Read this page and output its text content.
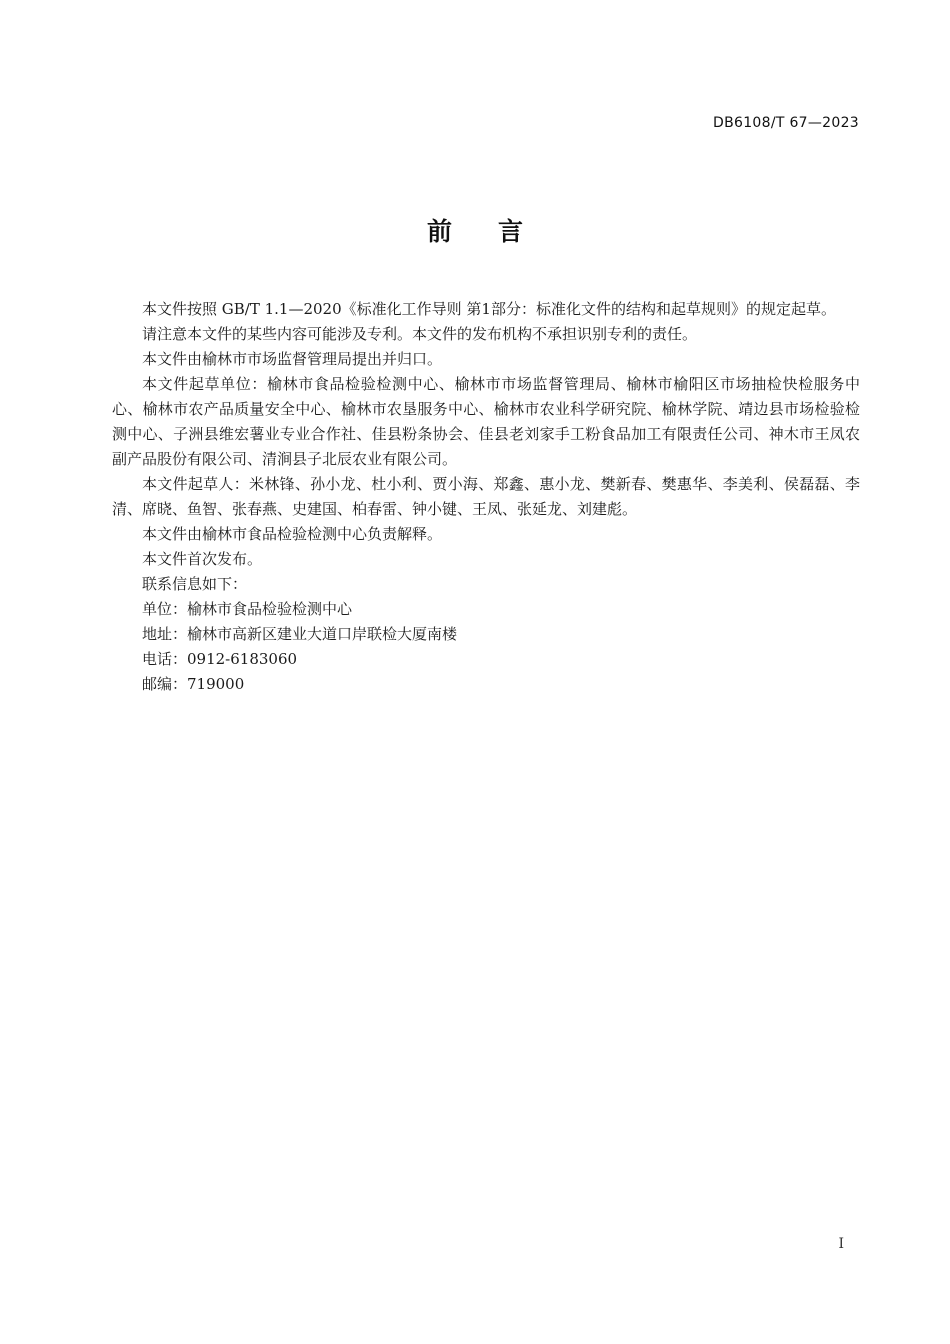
DB6108/T 67—2023
前言

本文件按照 GB/T 1.1—2020《标准化工作导则 第1部分：标准化文件的结构和起草规则》的规定起草。

请注意本文件的某些内容可能涉及专利。本文件的发布机构不承担识别专利的责任。

本文件由榆林市市场监督管理局提出并归口。

本文件起草单位：榆林市食品检验检测中心、榆林市市场监督管理局、榆林市榆阳区市场抽检快检服务中心、榆林市农产品质量安全中心、榆林市农垦服务中心、榆林市农业科学研究院、榆林学院、靖边县市场检验检测中心、子洲县维宏薯业专业合作社、佳县粉条协会、佳县老刘家手工粉食品加工有限责任公司、神木市王凤农副产品股份有限公司、清涧县子北辰农业有限公司。

本文件起草人：米林锋、孙小龙、杜小利、贾小海、郑鑫、惠小龙、樊新春、樊惠华、李美利、侯磊磊、李清、席晓、鱼智、张春燕、史建国、柏春雷、钟小键、王凤、张延龙、刘建彪。

本文件由榆林市食品检验检测中心负责解释。

本文件首次发布。

联系信息如下：

单位：榆林市食品检验检测中心

地址：榆林市高新区建业大道口岸联检大厦南楼

电话：0912-6183060

邮编：719000

I
